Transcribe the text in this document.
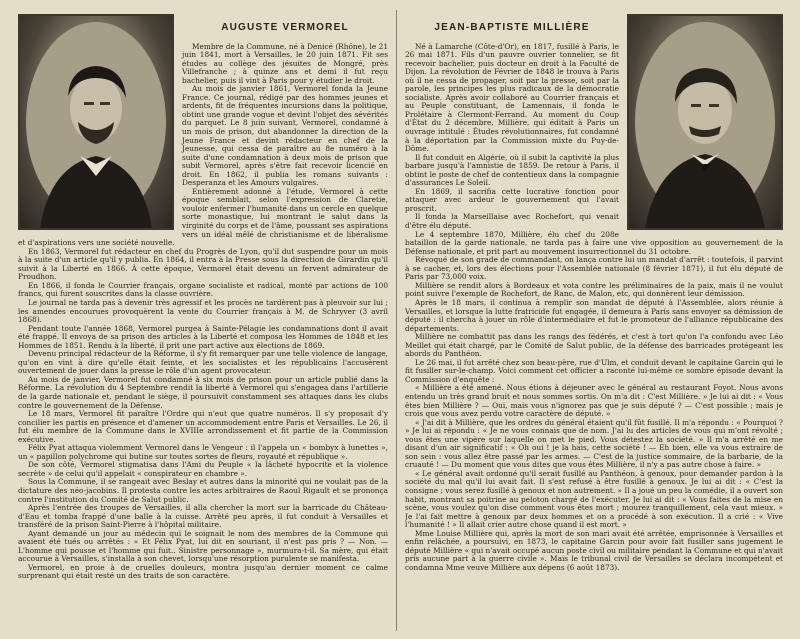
AUGUSTE VERMOREL

Membre de la Commune, né à Denicé (Rhône), le 21 juin 1841, mort à Versailles, le 20 juin 1871. Fit ses études au collège des jésuites de Mongré, près Villefranche ; à quinze ans et demi il fut reçu bachelier, puis il vint à Paris pour y étudier le droit.

Au mois de janvier 1861, Vermorel fonda la Jeune France. Ce journal, rédigé par des hommes jeunes et ardents, fit de fréquentes incursions dans la politique, obtint une grande vogue et devint l'objet des sévérités du parquet. Le 8 juin suivant, Vermorel, condamné à un mois de prison, dut abandonner la direction de la Jeune France et devint rédacteur en chef de la Jeunesse, qui cessa de paraître au 8e numéro à la suite d'une condamnation à deux mois de prison que subit Vermorel, après s'être fait recevoir licencié en droit. En 1862, il publia les romans suivants : Desperanza et les Amours vulgaires.

Entièrement adonné à l'étude, Vermorel à cette époque semblait, selon l'expression de Claretie, vouloir enfermer l'humanité dans un cercle en quelque sorte monastique, lui montrant le salut dans la virginité du corps et de l'âme, poussant ses aspirations vers un idéal mêlé de christianisme et de libéralisme et d'aspirations vers une société nouvelle.

En 1863, Vermorel fut rédacteur en chef du Progrès de Lyon, qu'il dut suspendre pour un mois à la suite d'un article qu'il y publia. En 1864, il entra à la Presse sous la direction de Girardin qu'il suivit à la Liberté en 1866. À cette époque, Vermorel était devenu un fervent admirateur de Proudhon.

En 1866, il fonda le Courrier français, organe socialiste et radical, monté par actions de 100 francs, qui furent souscrites dans la classe ouvrière.

Le journal ne tarda pas à devenir très agressif et les procès ne tardèrent pas à pleuvoir sur lui ; les amendes encourues provoquèrent la vente du Courrier français à M. de Schryver (3 avril 1868).

Pendant toute l'année 1868, Vermorel purgea à Sainte-Pélagie les condamnations dont il avait été frappé. Il envoya de sa prison des articles à la Liberté et composa les Hommes de 1848 et les Hommes de 1851. Rendu à la liberté, il prit une part active aux élections de 1869.

Devenu principal rédacteur de la Réforme, il s'y fit remarquer par une telle violence de langage, qu'on en vint à dire qu'elle était feinte, et les socialistes et les républicains l'accusèrent ouvertement de jouer dans la presse le rôle d'un agent provocateur.

Au mois de janvier, Vermorel fut condamné à six mois de prison pour un article publié dans la Réforme. La révolution du 4 Septembre rendit la liberté à Vermorel qui s'engagea dans l'artillerie de la garde nationale et, pendant le siège, il poursuivit constamment ses attaques dans les clubs contre le gouvernement de la Défense.

Le 18 mars, Vermorel fit paraître l'Ordre qui n'eut que quatre numéros. Il s'y proposait d'y concilier les partis en présence et d'amener un accommodement entre Paris et Versailles. Le 26, il fut élu membre de la Commune dans le XVIIIe arrondissement et fit partie de la Commission exécutive.

Félix Pyat attaqua violemment Vermorel dans le Vengeur : il l'appela un « bombyx à lunettes », un « papillon polychrome qui butine sur toutes sortes de fleurs, royauté et république ».

De son côté, Vermorel stigmatisa dans l'Ami du Peuple « la lâcheté hypocrite et la violence secrète » de celui qu'il appelait « conspirateur en chambre ».

Sous la Commune, il se rangeait avec Beslay et autres dans la minorité qui ne voulait pas de la dictature des néo-jacobins. Il protesta contre les actes arbitraires de Raoul Rigault et se prononça contre l'institution du Comité de Salut public.

Après l'entrée des troupes de Versailles, il alla chercher la mort sur la barricade du Château-d'Eau et tomba frappé d'une balle à la cuisse. Arrêté peu après, il fut conduit à Versailles et transféré de la prison Saint-Pierre à l'hôpital militaire.

Ayant demandé un jour au médecin qui le soignait le nom des membres de la Commune qui avaient été tués ou arrêtés : « Et Félix Pyat, lui dit en souriant, il n'est pas pris ? — Non. — L'homme qui pousse et l'homme qui fuit.. Sinistre personnage », murmura-t-il. Sa mère, qui était accourue à Versailles, s'installa à son chevet, lorsqu'une résorption purulente se manifesta.

Vermorel, en proie à de cruelles douleurs, montra jusqu'au dernier moment ce calme surprenant qui était resté un des traits de son caractère.

JEAN-BAPTISTE MILLIÈRE

Né à Lamarche (Côte-d'Or), en 1817, fusillé à Paris, le 26 mai 1871. Fils d'un pauvre ouvrier tonnelier, se fit recevoir bachelier, puis docteur en droit à la Faculté de Dijon. La révolution de Février de 1848 le trouva à Paris où il ne cessa de propager, soit par la presse, soit par la parole, les principes les plus radicaux de la démocratie socialiste. Après avoir collaboré au Courrier français et au Peuple constituant, de Lamennais, il fonda le Prolétaire à Clermont-Ferrand. Au moment du Coup d'État du 2 décembre, Millière, qui éditait à Paris un ouvrage intitulé : Études révolutionnaires, fut condamné à la déportation par la Commission mixte du Puy-de-Dôme.

Il fut conduit en Algérie, où il subit la captivité la plus barbare jusqu'à l'amnistie de 1859. De retour à Paris, il obtint le poste de chef de contentieux dans la compagnie d'assurances Le Soleil.

En 1869, il sacrifia cette lucrative fonction pour attaquer avec ardeur le gouvernement qui l'avait proscrit.

Il fonda la Marseillaise avec Rochefort, qui venait d'être élu député.

Le 4 septembre 1870, Millière, élu chef du 208e bataillon de la garde nationale, ne tarda pas à faire une vive opposition au gouvernement de la Défense nationale, et prit part au mouvement insurrectionnel du 31 octobre.

Révoqué de son grade de commandant, on lança contre lui un mandat d'arrêt : toutefois, il parvint à se cacher, et, lors des élections pour l'Assemblée nationale (8 février 1871), il fut élu député de Paris par 73,000 voix.

Millière se rendit alors à Bordeaux et vota contre les préliminaires de la paix, mais il ne voulut point suivre l'exemple de Rochefort, de Ranc, de Malon, etc, qui donnèrent leur démission.

Après le 18 mars, il continua à remplir son mandat de député à l'Assemblée, alors réunie à Versailles, et lorsque la lutte fratricide fut engagée, il demeura à Paris sans envoyer sa démission de député : il chercha à jouer un rôle d'intermédiaire et fut le promoteur de l'alliance républicaine des départements.

Millière ne combattit pas dans les rangs des fédérés, et c'est à tort qu'on l'a confondu avec Léo Meillet qui était chargé, par le Comité de Salut public, de la défense des barricades protégeant les abords du Panthéon.

Le 26 mai, il fut arrêté chez son beau-père, rue d'Ulm, et conduit devant le capitaine Garcin qui le fit fusiller sur-le-champ. Voici comment cet officier a raconté lui-même ce sombre épisode devant la Commission d'enquête :

« Millière a été amené. Nous étions à déjeuner avec le général au restaurant Foyot. Nous avons entendu un très grand bruit et nous sommes sortis. On m'a dit : C'est Millière. » Je lui ai dit : « Vous êtes bien Millière ? — Oui, mais vous n'ignorez pas que je suis député ? — C'est possible ; mais je crois que vous avez perdu votre caractère de député. »

« J'ai dit à Millière, que les ordres du général étaient qu'il fût fusillé. Il m'a répondu : « Pourquoi ? » Je lui ai répondu : « Je ne vous connais que de nom. J'ai lu des articles de vous qui m'ont révolté ; vous êtes une vipère sur laquelle on met le pied. Vous détestez la société. » Il m'a arrêté en me disant d'un air significatif : « Oh oui ! je la hais, cette société ! — Eh bien, elle va vous extraire de son sein : vous allez être passé par les armes. — C'est de la justice sommaire, de la barbarie, de la cruauté ! — Du moment que vous dites que vous êtes Millière, il n'y a pas autre chose à faire. »

« Le général avait ordonné qu'il serait fusillé au Panthéon, à genoux, pour demander pardon à la société du mal qu'il lui avait fait. Il s'est refusé à être fusillé à genoux. Je lui ai dit : « C'est la consigne ; vous serez fusillé à genoux et non autrement. » Il a joué un peu la comédie, il a ouvert son habit, montrant sa poitrine au peloton chargé de l'exécuter. Je lui ai dit : « Vous faites de la mise en scène, vous voulez qu'on dise comment vous êtes mort ; mourez tranquillement, cela vaut mieux. » Je l'ai fait mettre à genoux par deux hommes et on a procédé à son exécution. Il a crié : « Vive l'humanité ! » Il allait crier autre chose quand il est mort. »

Mme Louise Millière qui, après la mort de son mari avait été arrêtée, emprisonnée à Versailles et enfin relâchée, a poursuivi, en 1873, le capitaine Garcin pour avoir fait fusiller sans jugement le député Millière « qui n'avait occupé aucun poste civil ou militaire pendant la Commune et qui n'avait pris aucune part à la guerre civile ». Mais le tribunal civil de Versailles se déclara incompétent et condamna Mme veuve Millière aux dépens (6 août 1873).
